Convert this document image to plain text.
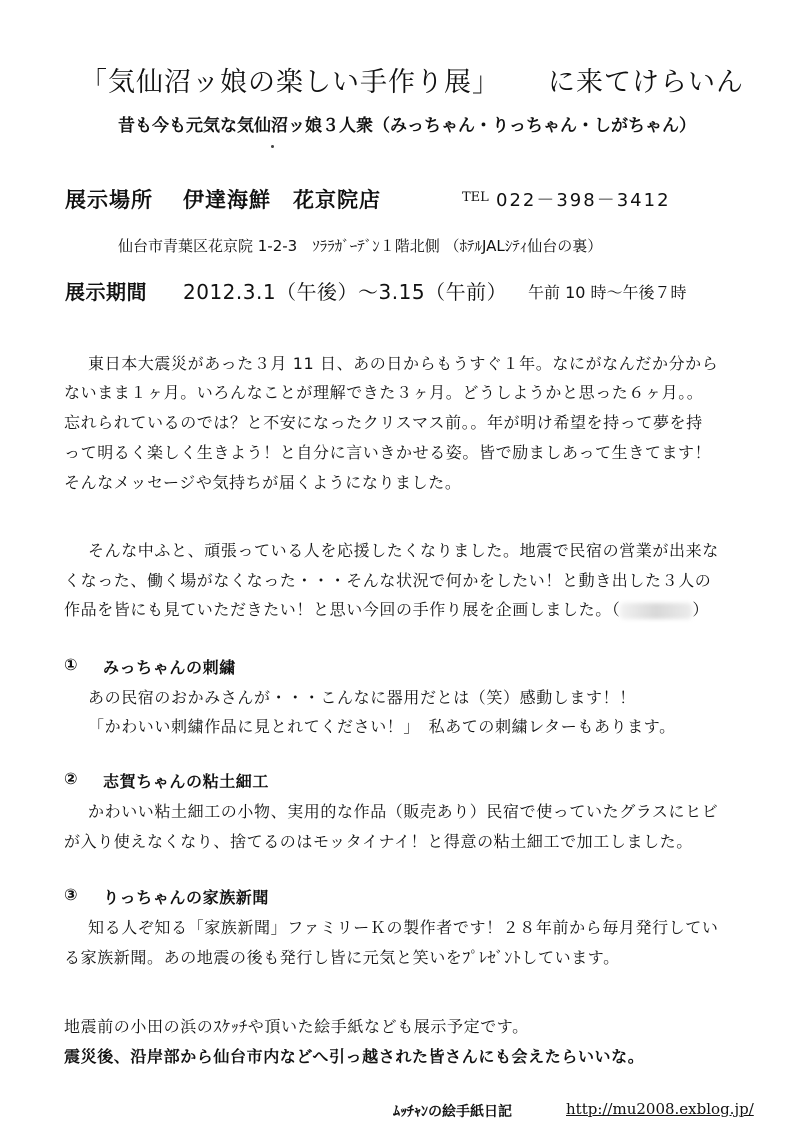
「気仙沼ッ娘の楽しい手作り展」 に来てけらいん
昔も今も元気な気仙沼ッ娘３人衆（みっちゃん・りっちゃん・しがちゃん）
展示場所 伊達海鮮　花京院店	TEL 022－398－3412
仙台市青葉区花京院 1-2-3　ｿﾗﾗｶﾞｰﾃﾞﾝ１階北側 （ﾎﾃﾙJALｼﾃｨ仙台の裏）
展示期間 2012.3.1（午後）～3.15（午前） 午前 10 時～午後７時
東日本大震災があった３月 11 日、あの日からもうすぐ１年。なにがなんだか分から
ないまま１ヶ月。いろんなことが理解できた３ヶ月。どうしようかと思った６ヶ月。。
忘れられているのでは？と不安になったクリスマス前。。年が明け希望を持って夢を持
って明るく楽しく生きよう！と自分に言いきかせる姿。皆で励ましあって生きてます！
そんなメッセージや気持ちが届くようになりました。
そんな中ふと、頑張っている人を応援したくなりました。地震で民宿の営業が出来な
くなった、働く場がなくなった・・・そんな状況で何かをしたい！と動き出した３人の
作品を皆にも見ていただきたい！と思い今回の手作り展を企画しました。（	）
① みっちゃんの刺繍
あの民宿のおかみさんが・・・こんなに器用だとは（笑）感動します！！
「かわいい刺繍作品に見とれてください！」　私あての刺繍レターもあります。
② 志賀ちゃんの粘土細工
かわいい粘土細工の小物、実用的な作品（販売あり）民宿で使っていたグラスにヒビ
が入り使えなくなり、捨てるのはモッタイナイ！と得意の粘土細工で加工しました。
③ りっちゃんの家族新聞
知る人ぞ知る「家族新聞」ファミリーＫの製作者です！２８年前から毎月発行してい
る家族新聞。あの地震の後も発行し皆に元気と笑いをﾌﾟﾚｾﾞﾝﾄしています。
地震前の小田の浜のｽｹｯﾁや頂いた絵手紙なども展示予定です。
震災後、沿岸部から仙台市内などへ引っ越された皆さんにも会えたらいいな。
ﾑｯﾁｬﾝの絵手紙日記	http://mu2008.exblog.jp/
